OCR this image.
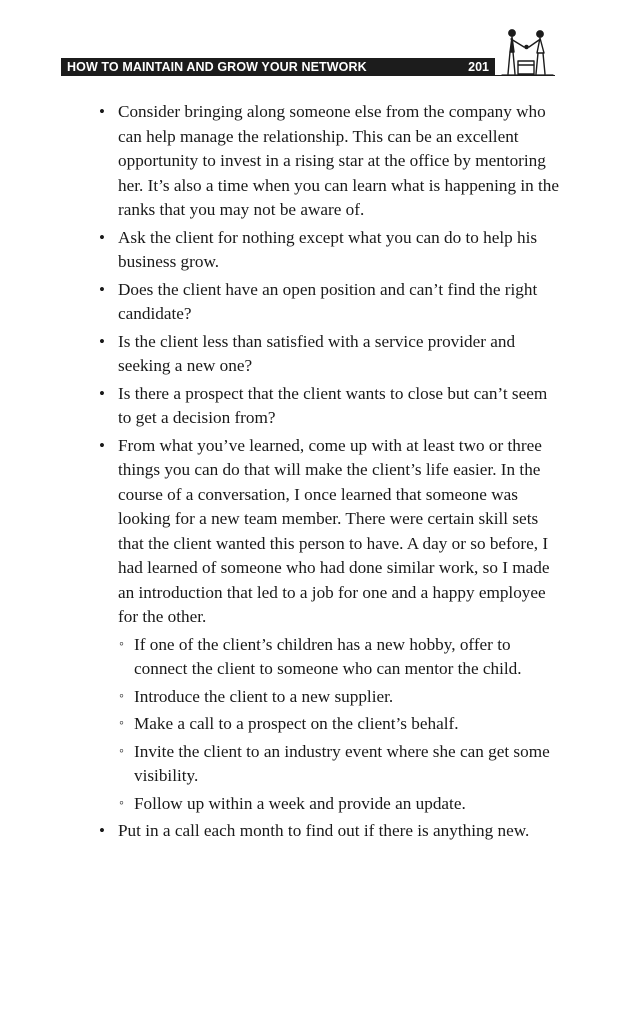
HOW TO MAINTAIN AND GROW YOUR NETWORK	201
• Consider bringing along someone else from the company who can help manage the relationship. This can be an excellent opportunity to invest in a rising star at the office by mentoring her. It’s also a time when you can learn what is happening in the ranks that you may not be aware of.
• Ask the client for nothing except what you can do to help his business grow.
• Does the client have an open position and can’t find the right candidate?
• Is the client less than satisfied with a service provider and seeking a new one?
• Is there a prospect that the client wants to close but can’t seem to get a decision from?
• From what you’ve learned, come up with at least two or three things you can do that will make the client’s life easier. In the course of a conversation, I once learned that someone was looking for a new team member. There were certain skill sets that the client wanted this person to have. A day or so before, I had learned of someone who had done similar work, so I made an introduction that led to a job for one and a happy employee for the other.
◦ If one of the client’s children has a new hobby, offer to connect the client to someone who can mentor the child.
◦ Introduce the client to a new supplier.
◦ Make a call to a prospect on the client’s behalf.
◦ Invite the client to an industry event where she can get some visibility.
◦ Follow up within a week and provide an update.
• Put in a call each month to find out if there is anything new.
